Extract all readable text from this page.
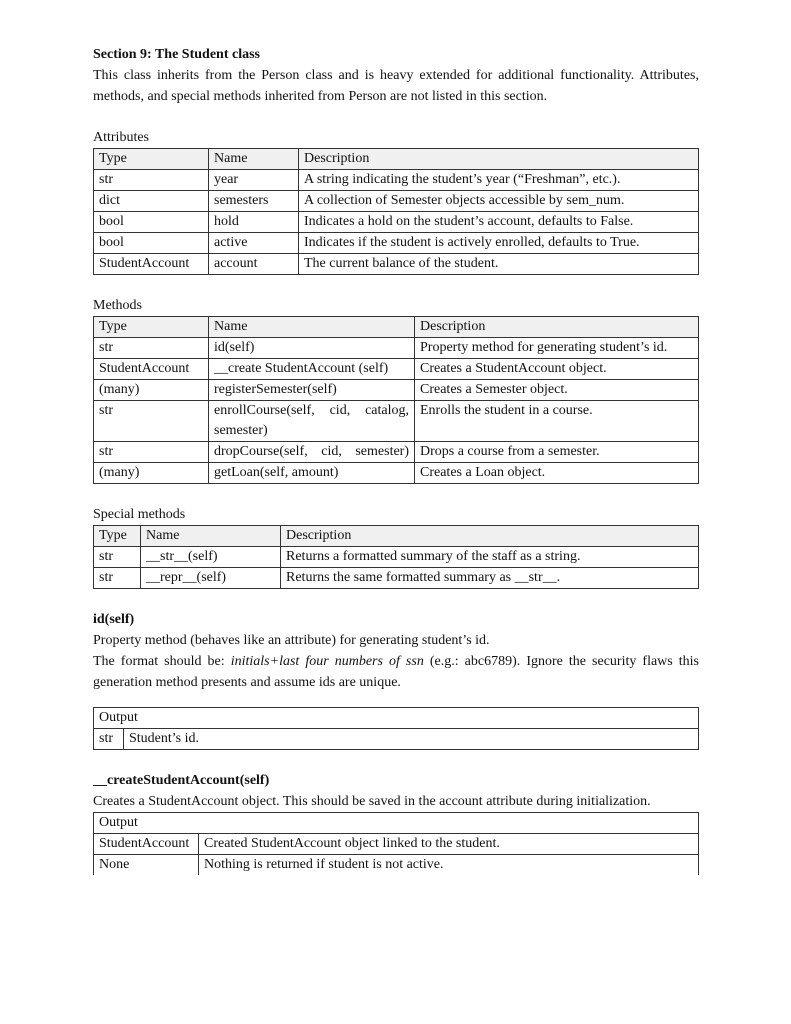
Section 9: The Student class

This class inherits from the Person class and is heavy extended for additional functionality. Attributes, methods, and special methods inherited from Person are not listed in this section.

Attributes
Type	Name	Description
str	year	A string indicating the student’s year (“Freshman”, etc.).
dict	semesters	A collection of Semester objects accessible by sem_num.
bool	hold	Indicates a hold on the student’s account, defaults to False.
bool	active	Indicates if the student is actively enrolled, defaults to True.
StudentAccount	account	The current balance of the student.
Methods
Type	Name	Description
str	id(self)	Property method for generating student’s id.
StudentAccount	__create StudentAccount (self)	Creates a StudentAccount object.
(many)	registerSemester(self)	Creates a Semester object.
str	enrollCourse(self, cid, catalog, semester)	Enrolls the student in a course.
str	dropCourse(self, cid, semester)	Drops a course from a semester.
(many)	getLoan(self, amount)	Creates a Loan object.
Special methods
Type	Name	Description
str	__str__(self)	Returns a formatted summary of the staff as a string.
str	__repr__(self)	Returns the same formatted summary as __str__.
id(self)

Property method (behaves like an attribute) for generating student’s id.

The format should be: initials+last four numbers of ssn (e.g.: abc6789). Ignore the security flaws this generation method presents and assume ids are unique.

Output
str	Student’s id.
__createStudentAccount(self)

Creates a StudentAccount object. This should be saved in the account attribute during initialization.

Output	
StudentAccount	Created StudentAccount object linked to the student.
None	Nothing is returned if student is not active.
